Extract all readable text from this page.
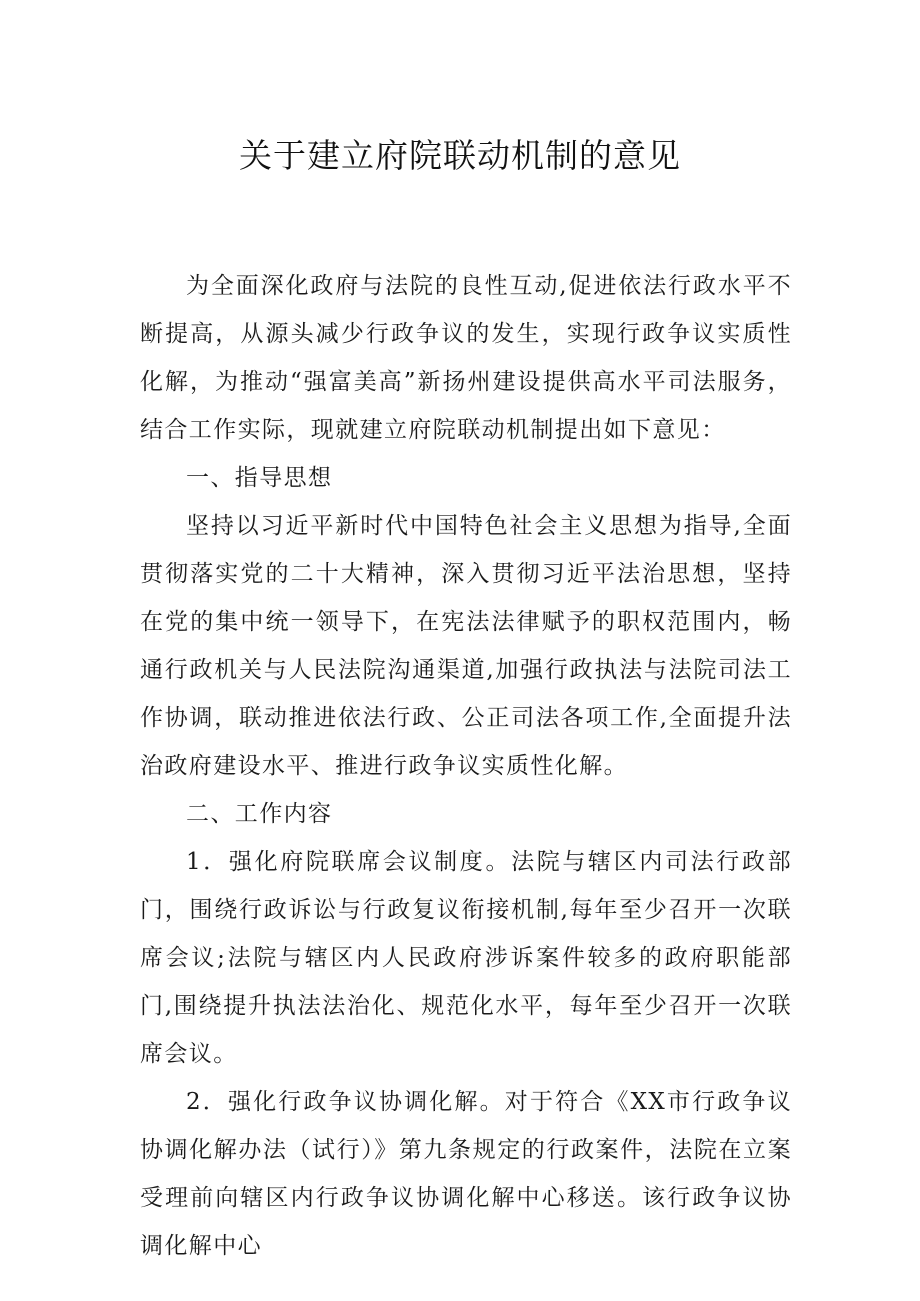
关于建立府院联动机制的意见

为全面深化政府与法院的良性互动,促进依法行政水平不断提高，从源头减少行政争议的发生，实现行政争议实质性化解，为推动“强富美高”新扬州建设提供高水平司法服务，结合工作实际，现就建立府院联动机制提出如下意见：

一、指导思想

坚持以习近平新时代中国特色社会主义思想为指导,全面贯彻落实党的二十大精神，深入贯彻习近平法治思想，坚持在党的集中统一领导下，在宪法法律赋予的职权范围内，畅通行政机关与人民法院沟通渠道,加强行政执法与法院司法工作协调，联动推进依法行政、公正司法各项工作,全面提升法治政府建设水平、推进行政争议实质性化解。

二、工作内容

1．强化府院联席会议制度。法院与辖区内司法行政部门，围绕行政诉讼与行政复议衔接机制,每年至少召开一次联席会议;法院与辖区内人民政府涉诉案件较多的政府职能部门,围绕提升执法法治化、规范化水平，每年至少召开一次联席会议。

2．强化行政争议协调化解。对于符合《XX市行政争议协调化解办法（试行）》第九条规定的行政案件，法院在立案受理前向辖区内行政争议协调化解中心移送。该行政争议协调化解中心
